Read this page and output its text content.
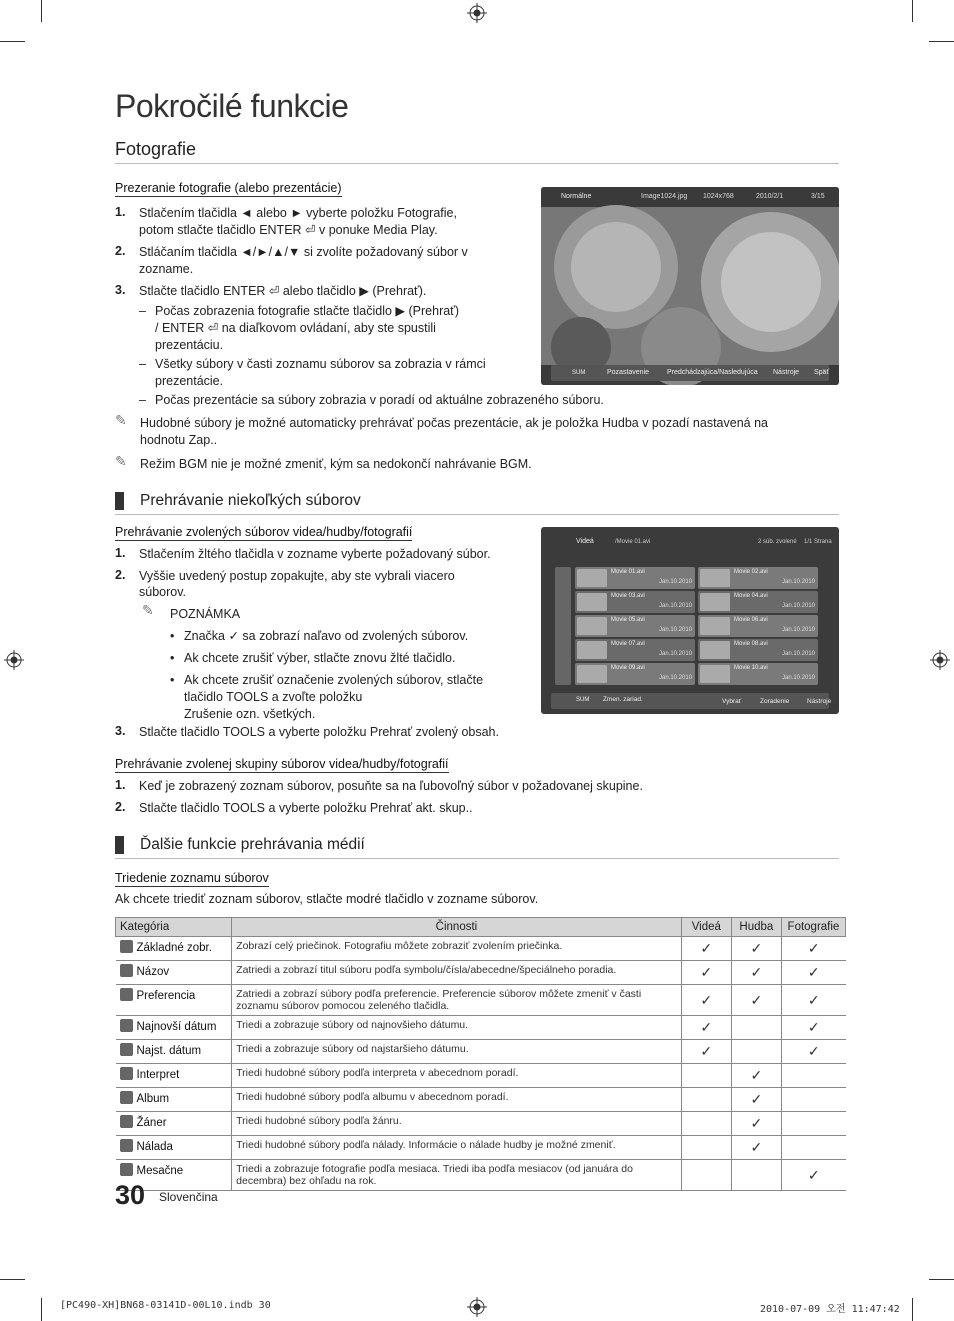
Pokročilé funkcie
Fotografie
Prezeranie fotografie (alebo prezentácie)
1. Stlačením tlačidla ◄ alebo ► vyberte položku Fotografie,
potom stlačte tlačidlo ENTER ⏎ v ponuke Media Play.
2. Stláčaním tlačidla ◄/►/▲/▼ si zvolíte požadovaný súbor v
zozname.
3. Stlačte tlačidlo ENTER ⏎ alebo tlačidlo ▶ (Prehrať).
– Počas zobrazenia fotografie stlačte tlačidlo ▶ (Prehrať)
/ ENTER ⏎ na diaľkovom ovládaní, aby ste spustili
prezentáciu.
– Všetky súbory v časti zoznamu súborov sa zobrazia v rámci
prezentácie.
– Počas prezentácie sa súbory zobrazia v poradí od aktuálne zobrazeného súboru.
✎ Hudobné súbory je možné automaticky prehrávať počas prezentácie, ak je položka Hudba v pozadí nastavená na
hodnotu Zap..
✎ Režim BGM nie je možné zmeniť, kým sa nedokončí nahrávanie BGM.
Normálne	Image1024.jpg 1024x768	2010/2/1	3/15
SUM	Pozastavenie	Predchádzajúca/Nasledujúca Nástroje Späť
Prehrávanie niekoľkých súborov
Prehrávanie zvolených súborov videa/hudby/fotografií
1. Stlačením žltého tlačidla v zozname vyberte požadovaný súbor.
2. Vyššie uvedený postup zopakujte, aby ste vybrali viacero
súborov.
✎ POZNÁMKA
• Značka ✓ sa zobrazí naľavo od zvolených súborov.
• Ak chcete zrušiť výber, stlačte znovu žlté tlačidlo.
• Ak chcete zrušiť označenie zvolených súborov, stlačte
tlačidlo TOOLS a zvoľte položku
Zrušenie ozn. všetkých.
3. Stlačte tlačidlo TOOLS a vyberte položku Prehrať zvolený obsah.
Videá	/Movie 01.avi	2 súb. zvolené 1/1 Strana
Movie 01.avi
Jan.10.2010
Movie 02.avi
Jan.10.2010
Movie 03.avi
Jan.10.2010
Movie 04.avi
Jan.10.2010
Movie 05.avi
Jan.10.2010
Movie 06.avi
Jan.10.2010
Movie 07.avi
Jan.10.2010
Movie 08.avi
Jan.10.2010
Movie 09.avi
Jan.10.2010
Movie 10.avi
Jan.10.2010
SUM Zmen. zariad.	Vybrať	Zoradenie	Nástroje
Prehrávanie zvolenej skupiny súborov videa/hudby/fotografií
1. Keď je zobrazený zoznam súborov, posuňte sa na ľubovoľný súbor v požadovanej skupine.
2. Stlačte tlačidlo TOOLS a vyberte položku Prehrať akt. skup..
Ďalšie funkcie prehrávania médií
Triedenie zoznamu súborov
Ak chcete triediť zoznam súborov, stlačte modré tlačidlo v zozname súborov.
Kategória	Činnosti	Videá	Hudba	Fotografie
Základné zobr.	Zobrazí celý priečinok. Fotografiu môžete zobraziť zvolením priečinka.	✓	✓	✓
Názov	Zatriedi a zobrazí titul súboru podľa symbolu/čísla/abecedne/špeciálneho poradia.	✓	✓	✓
Preferencia	Zatriedi a zobrazí súbory podľa preferencie. Preferencie súborov môžete zmeniť v časti zoznamu súborov pomocou zeleného tlačidla.	✓	✓	✓
Najnovší dátum	Triedi a zobrazuje súbory od najnovšieho dátumu.	✓		✓
Najst. dátum	Triedi a zobrazuje súbory od najstaršieho dátumu.	✓		✓
Interpret	Triedi hudobné súbory podľa interpreta v abecednom poradí.		✓	
Album	Triedi hudobné súbory podľa albumu v abecednom poradí.		✓	
Žáner	Triedi hudobné súbory podľa žánru.		✓	
Nálada	Triedi hudobné súbory podľa nálady. Informácie o nálade hudby je možné zmeniť.		✓	
Mesačne	Triedi a zobrazuje fotografie podľa mesiaca. Triedi iba podľa mesiacov (od januára do decembra) bez ohľadu na rok.			✓
30 Slovenčina
[PC490-XH]BN68-03141D-00L10.indb 30	2010-07-09 오전 11:47:42
